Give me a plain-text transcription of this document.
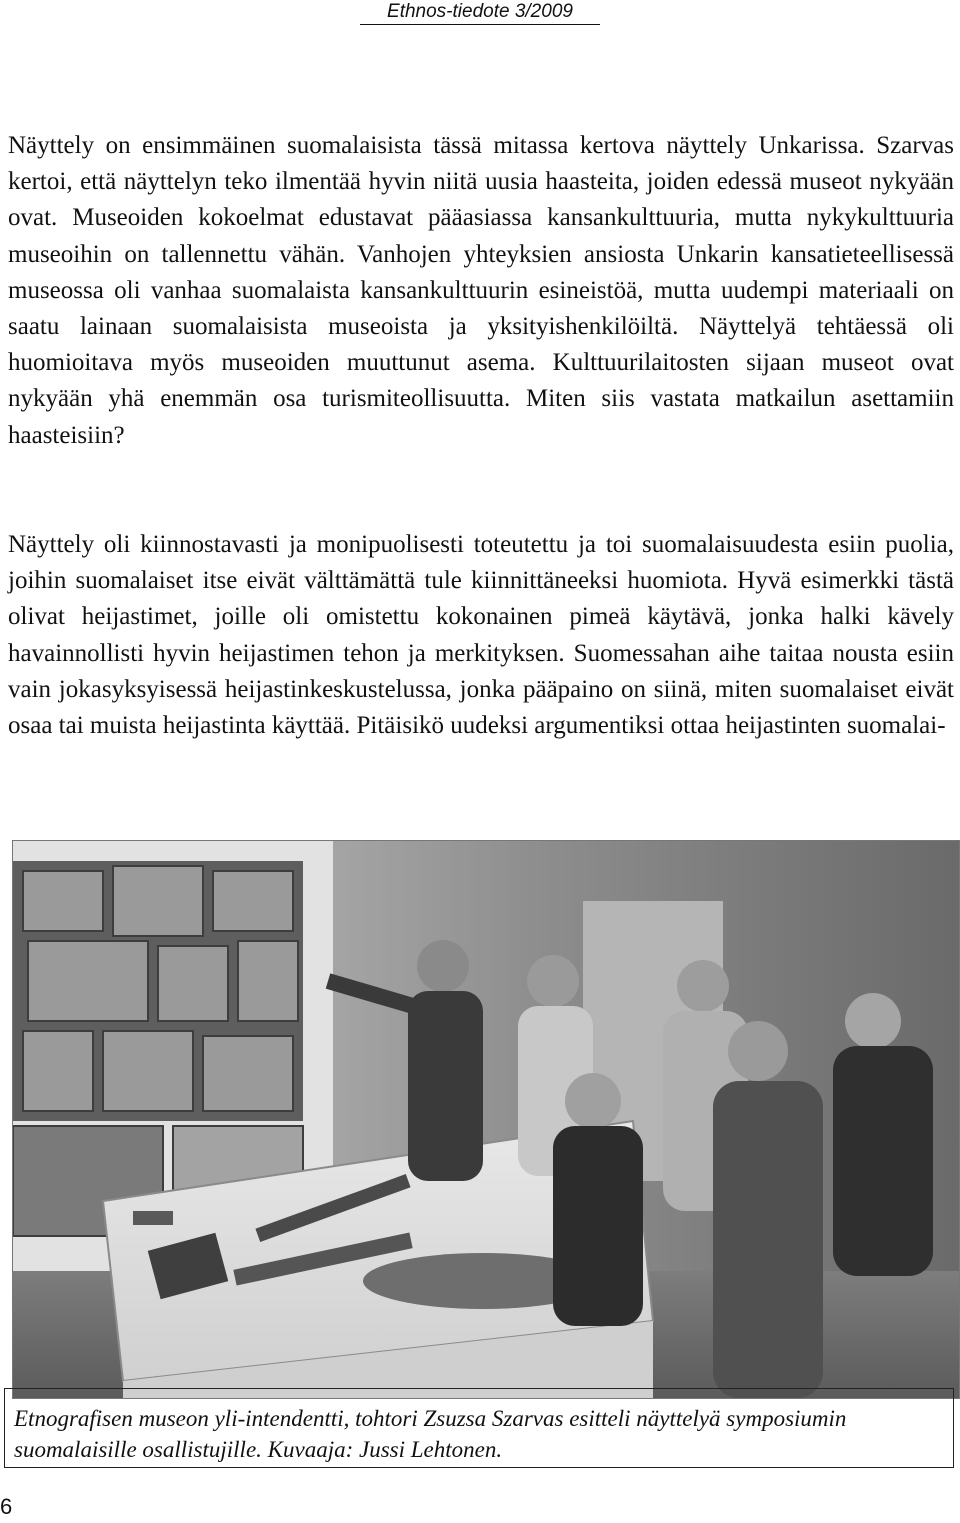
Ethnos-tiedote 3/2009

Näyttely on ensimmäinen suomalaisista tässä mitassa kertova näyttely Unkarissa. Szarvas kertoi, että näyttelyn teko ilmentää hyvin niitä uusia haasteita, joiden edessä museot nykyään ovat. Museoiden kokoelmat edustavat pääasiassa kansankulttuuria, mutta nykykulttuuria museoihin on tallennettu vähän. Vanhojen yhteyksien ansiosta Unkarin kansatieteellisessä museossa oli vanhaa suomalaista kansankulttuurin esineistöä, mutta uudempi materiaali on saatu lainaan suomalaisista museoista ja yksityishenkilöiltä. Näyttelyä tehtäessä oli huomioitava myös museoiden muuttunut asema. Kulttuurilaitosten sijaan museot ovat nykyään yhä enemmän osa turismiteollisuutta. Miten siis vastata matkailun asettamiin haasteisiin?

Näyttely oli kiinnostavasti ja monipuolisesti toteutettu ja toi suomalaisuudesta esiin puolia, joihin suomalaiset itse eivät välttämättä tule kiinnittäneeksi huomiota. Hyvä esimerkki tästä olivat heijastimet, joille oli omistettu kokonainen pimeä käytävä, jonka halki kävely havainnollisti hyvin heijastimen tehon ja merkityksen. Suomessahan aihe taitaa nousta esiin vain jokasyksyisessä heijastinkeskustelussa, jonka pääpaino on siinä, miten suomalaiset eivät osaa tai muista heijastinta käyttää. Pitäisikö uudeksi argumentiksi ottaa heijastinten suomalai-

Etnografisen museon yli-intendentti, tohtori Zsuzsa Szarvas esitteli näyttelyä symposiumin suomalaisille osallistujille. Kuvaaja: Jussi Lehtonen.

6
